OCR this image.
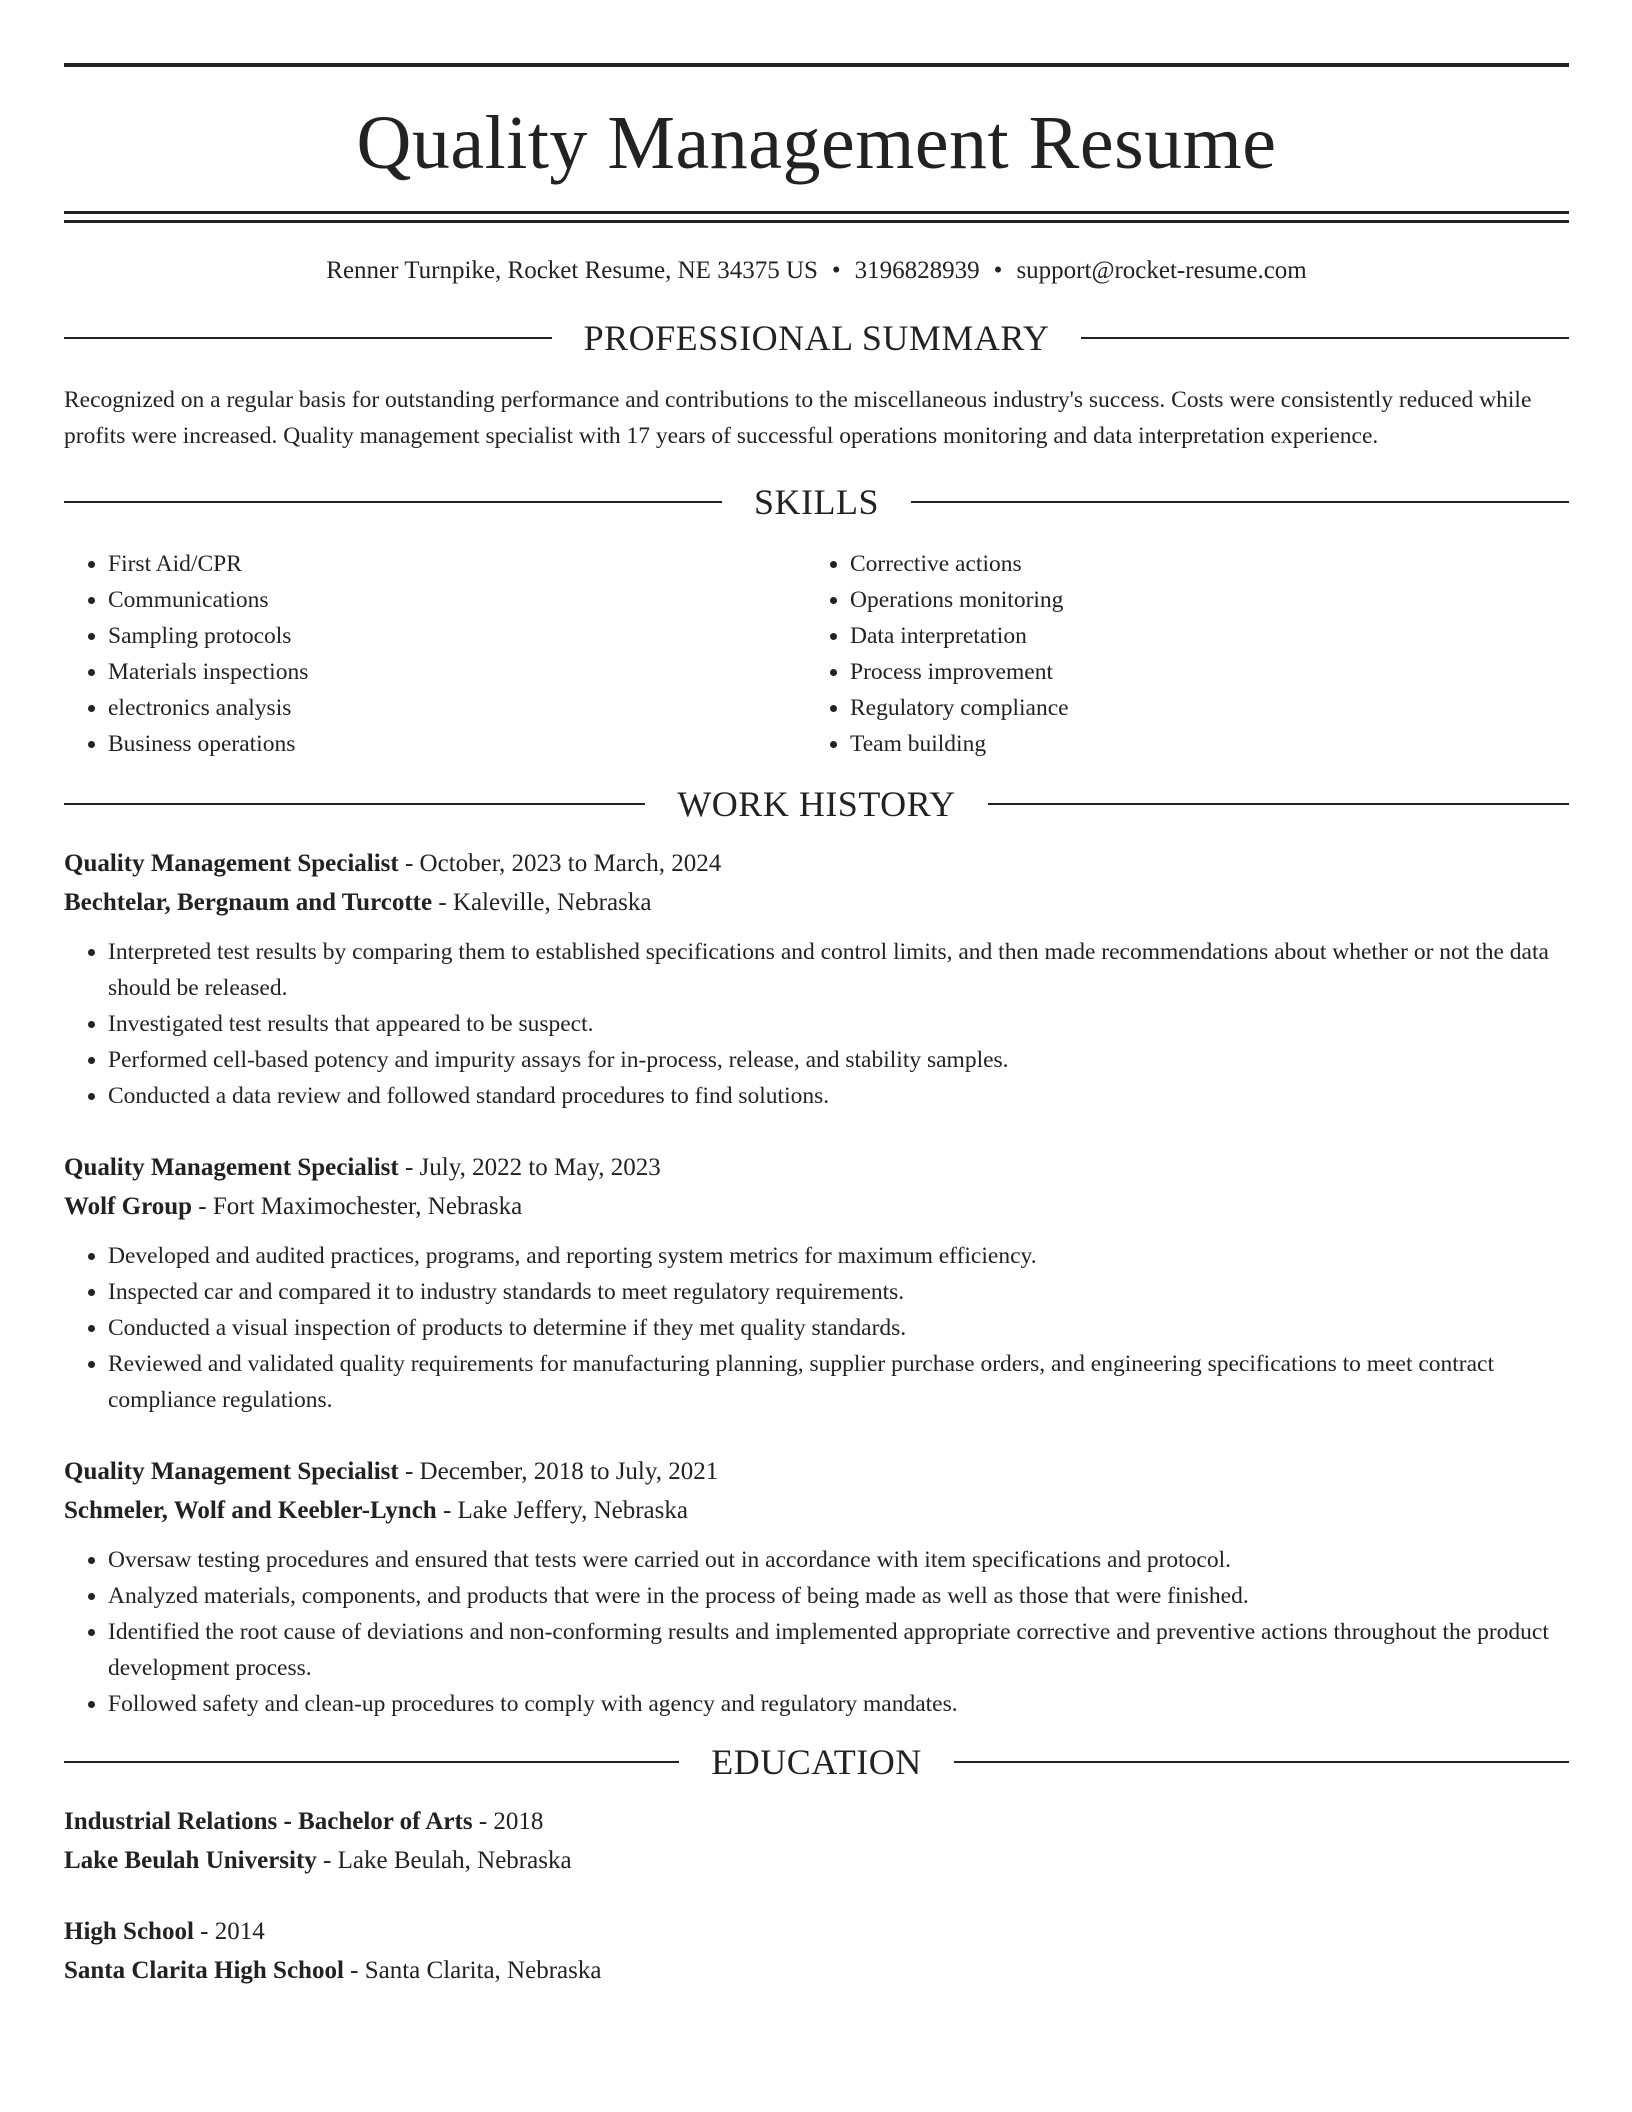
Quality Management Resume
Renner Turnpike, Rocket Resume, NE 34375 US • 3196828939 • support@rocket-resume.com
PROFESSIONAL SUMMARY

Recognized on a regular basis for outstanding performance and contributions to the miscellaneous industry's success. Costs were consistently reduced while profits were increased. Quality management specialist with 17 years of successful operations monitoring and data interpretation experience.

SKILLS
• First Aid/CPR
• Communications
• Sampling protocols
• Materials inspections
• electronics analysis
• Business operations
• Corrective actions
• Operations monitoring
• Data interpretation
• Process improvement
• Regulatory compliance
• Team building
WORK HISTORY
Quality Management Specialist - October, 2023 to March, 2024
Bechtelar, Bergnaum and Turcotte - Kaleville, Nebraska
• Interpreted test results by comparing them to established specifications and control limits, and then made recommendations about whether or not the data should be released.
• Investigated test results that appeared to be suspect.
• Performed cell-based potency and impurity assays for in-process, release, and stability samples.
• Conducted a data review and followed standard procedures to find solutions.
Quality Management Specialist - July, 2022 to May, 2023
Wolf Group - Fort Maximochester, Nebraska
• Developed and audited practices, programs, and reporting system metrics for maximum efficiency.
• Inspected car and compared it to industry standards to meet regulatory requirements.
• Conducted a visual inspection of products to determine if they met quality standards.
• Reviewed and validated quality requirements for manufacturing planning, supplier purchase orders, and engineering specifications to meet contract compliance regulations.
Quality Management Specialist - December, 2018 to July, 2021
Schmeler, Wolf and Keebler-Lynch - Lake Jeffery, Nebraska
• Oversaw testing procedures and ensured that tests were carried out in accordance with item specifications and protocol.
• Analyzed materials, components, and products that were in the process of being made as well as those that were finished.
• Identified the root cause of deviations and non-conforming results and implemented appropriate corrective and preventive actions throughout the product development process.
• Followed safety and clean-up procedures to comply with agency and regulatory mandates.
EDUCATION
Industrial Relations - Bachelor of Arts - 2018
Lake Beulah University - Lake Beulah, Nebraska
High School - 2014
Santa Clarita High School - Santa Clarita, Nebraska
